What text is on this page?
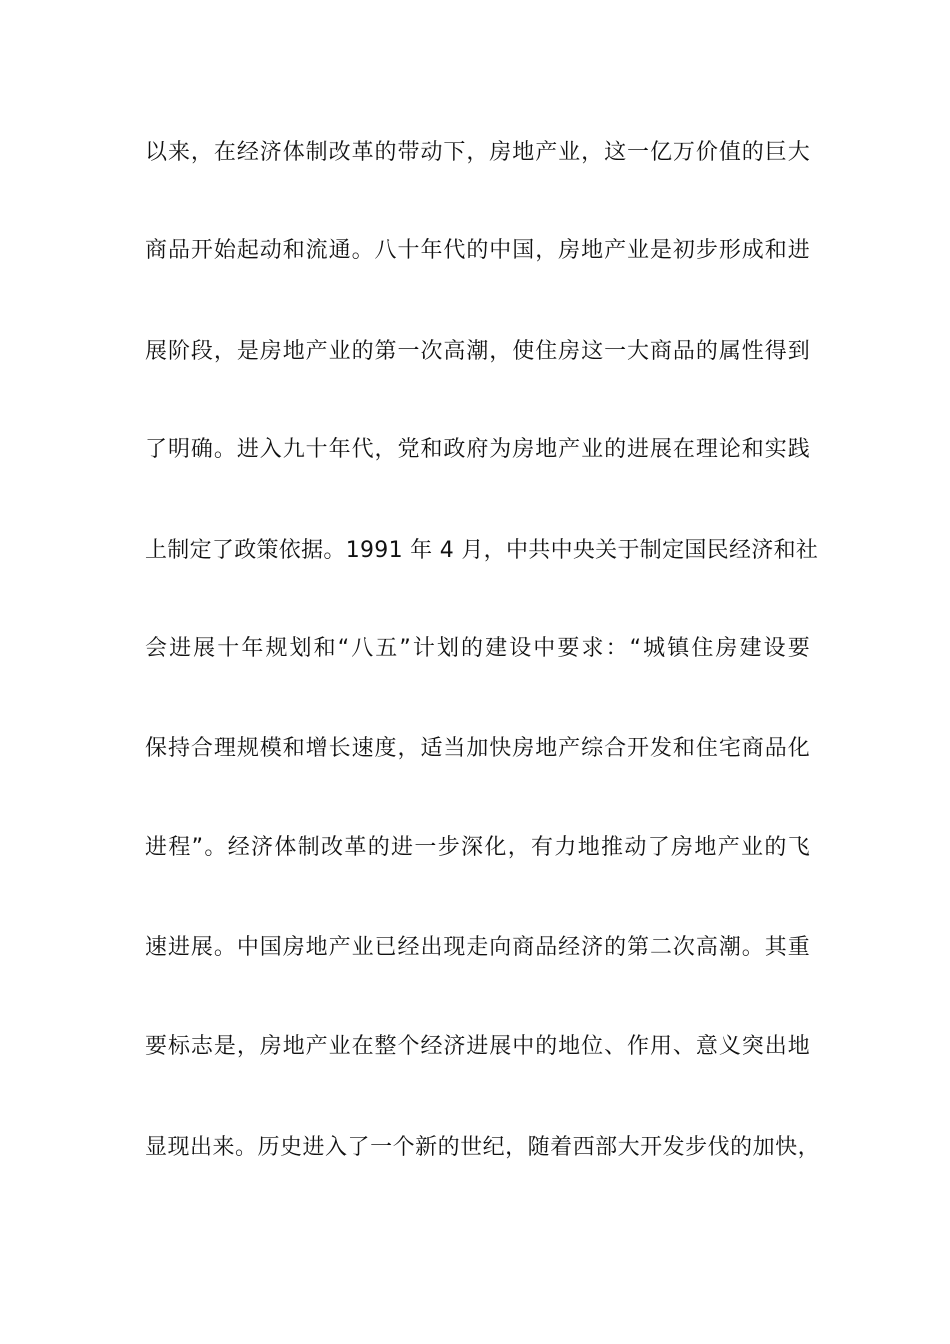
以来，在经济体制改革的带动下，房地产业，这一亿万价值的巨大
商品开始起动和流通。八十年代的中国，房地产业是初步形成和进
展阶段，是房地产业的第一次高潮，使住房这一大商品的属性得到
了明确。进入九十年代，党和政府为房地产业的进展在理论和实践
上制定了政策依据。1991 年 4 月，中共中央关于制定国民经济和社
会进展十年规划和“八五”计划的建设中要求：“城镇住房建设要
保持合理规模和增长速度，适当加快房地产综合开发和住宅商品化
进程”。经济体制改革的进一步深化，有力地推动了房地产业的飞
速进展。中国房地产业已经出现走向商品经济的第二次高潮。其重
要标志是，房地产业在整个经济进展中的地位、作用、意义突出地
显现出来。历史进入了一个新的世纪，随着西部大开发步伐的加快，
